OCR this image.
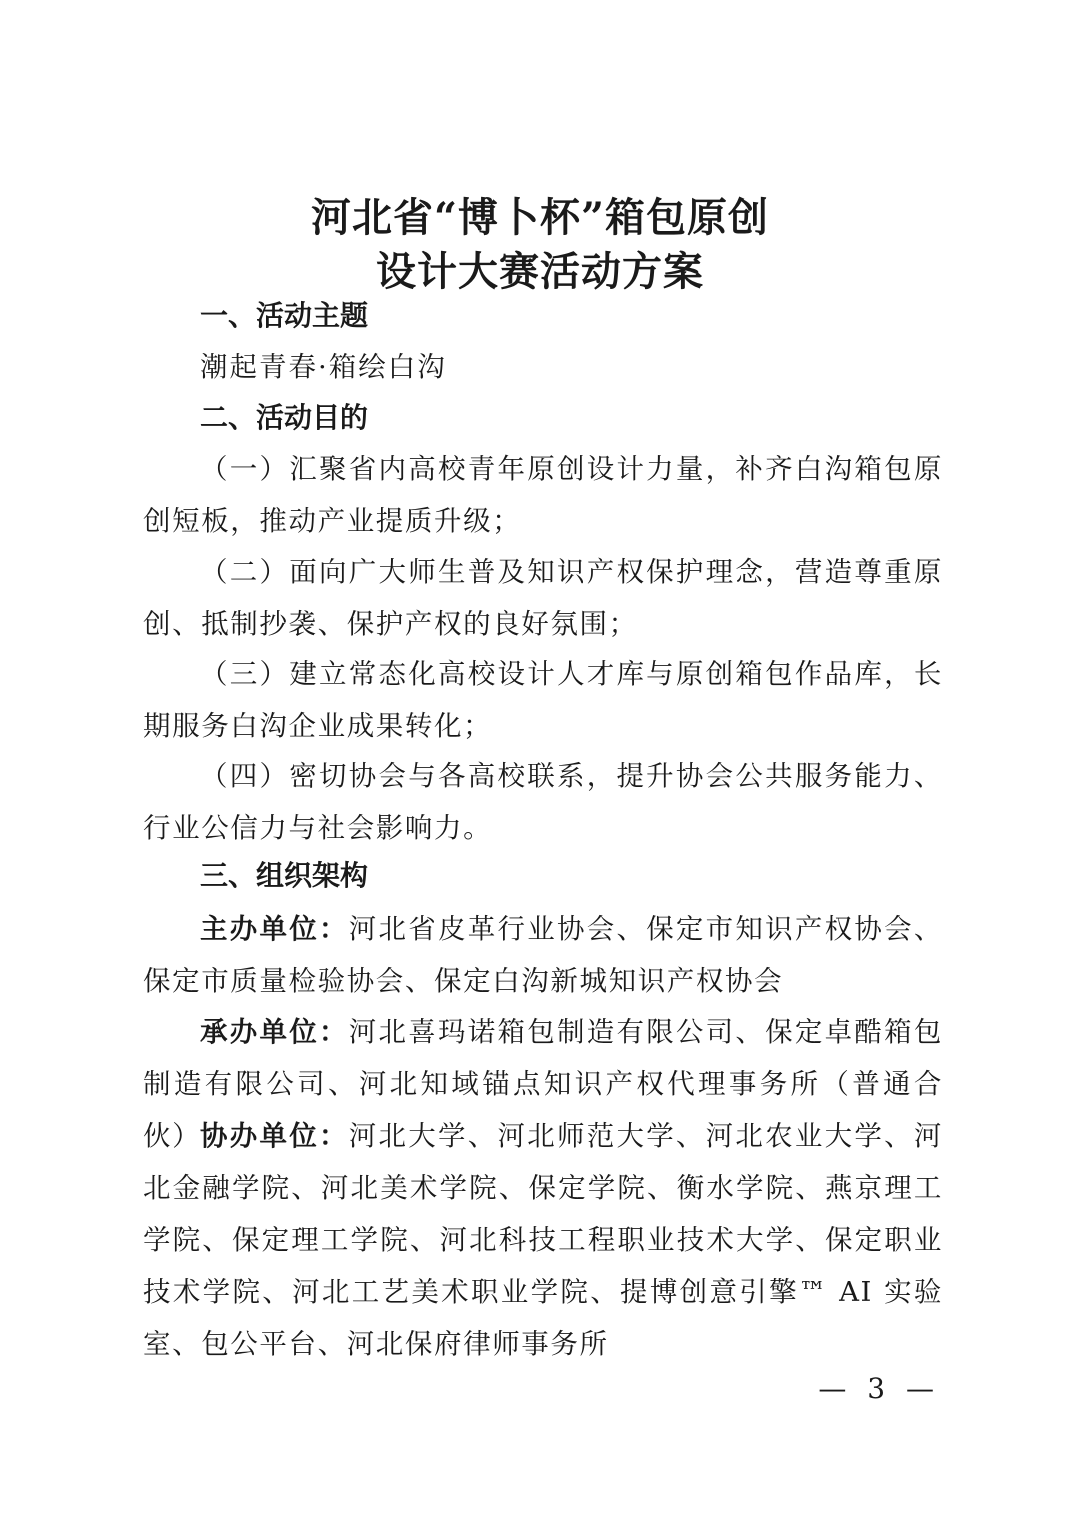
河北省“博卜杯”箱包原创
设计大赛活动方案
一、活动主题
潮起青春·箱绘白沟
二、活动目的

（一）汇聚省内高校青年原创设计力量，补齐白沟箱包原创短板，推动产业提质升级；

（二）面向广大师生普及知识产权保护理念，营造尊重原创、抵制抄袭、保护产权的良好氛围；

（三）建立常态化高校设计人才库与原创箱包作品库，长期服务白沟企业成果转化；

（四）密切协会与各高校联系，提升协会公共服务能力、行业公信力与社会影响力。

三、组织架构

主办单位：河北省皮革行业协会、保定市知识产权协会、保定市质量检验协会、保定白沟新城知识产权协会

承办单位：河北喜玛诺箱包制造有限公司、保定卓酷箱包制造有限公司、河北知域锚点知识产权代理事务所（普通合伙）

协办单位：河北大学、河北师范大学、河北农业大学、河北金融学院、河北美术学院、保定学院、衡水学院、燕京理工学院、保定理工学院、河北科技工程职业技术大学、保定职业技术学院、河北工艺美术职业学院、提博创意引擎™ AI 实验室、包公平台、河北保府律师事务所

— 3 —
